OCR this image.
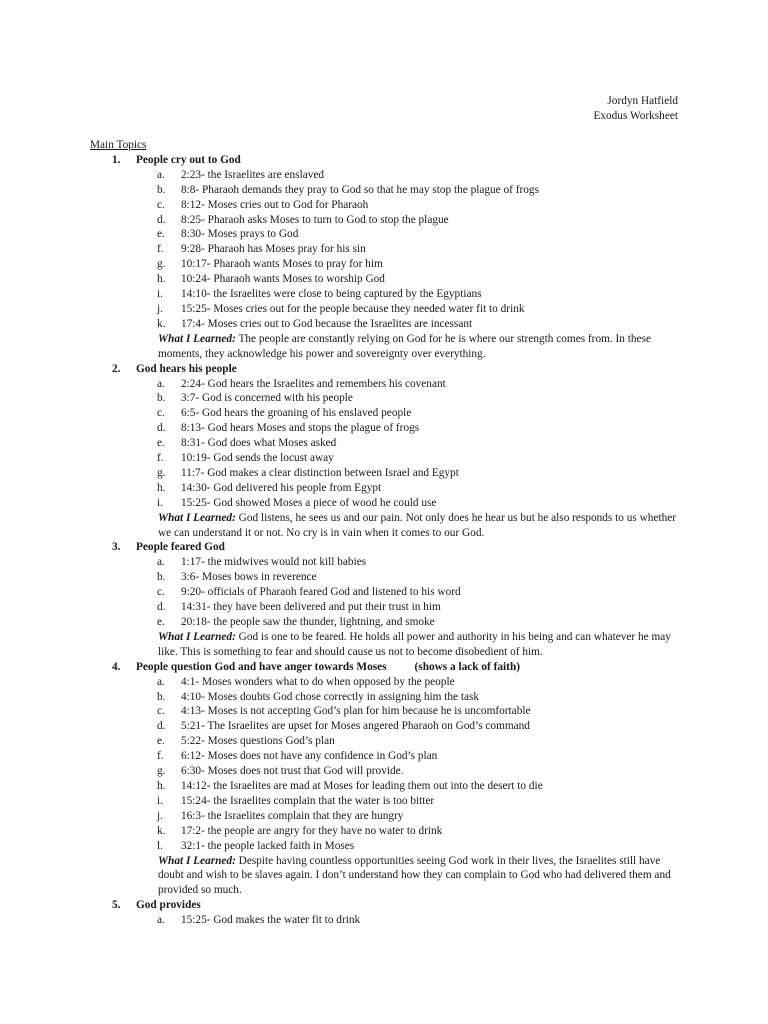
Jordyn Hatfield
Exodus Worksheet
Main Topics
1. People cry out to God
a. 2:23- the Israelites are enslaved
b. 8:8- Pharaoh demands they pray to God so that he may stop the plague of frogs
c. 8:12- Moses cries out to God for Pharaoh
d. 8:25- Pharaoh asks Moses to turn to God to stop the plague
e. 8:30- Moses prays to God
f. 9:28- Pharaoh has Moses pray for his sin
g. 10:17- Pharaoh wants Moses to pray for him
h. 10:24- Pharaoh wants Moses to worship God
i. 14:10- the Israelites were close to being captured by the Egyptians
j. 15:25- Moses cries out for the people because they needed water fit to drink
k. 17:4- Moses cries out to God because the Israelites are incessant
What I Learned: The people are constantly relying on God for he is where our strength comes from. In these moments, they acknowledge his power and sovereignty over everything.
2. God hears his people
a. 2:24- God hears the Israelites and remembers his covenant
b. 3:7- God is concerned with his people
c. 6:5- God hears the groaning of his enslaved people
d. 8:13- God hears Moses and stops the plague of frogs
e. 8:31- God does what Moses asked
f. 10:19- God sends the locust away
g. 11:7- God makes a clear distinction between Israel and Egypt
h. 14:30- God delivered his people from Egypt
i. 15:25- God showed Moses a piece of wood he could use
What I Learned: God listens, he sees us and our pain. Not only does he hear us but he also responds to us whether we can understand it or not. No cry is in vain when it comes to our God.
3. People feared God
a. 1:17- the midwives would not kill babies
b. 3:6- Moses bows in reverence
c. 9:20- officials of Pharaoh feared God and listened to his word
d. 14:31- they have been delivered and put their trust in him
e. 20:18- the people saw the thunder, lightning, and smoke
What I Learned: God is one to be feared. He holds all power and authority in his being and can whatever he may like. This is something to fear and should cause us not to become disobedient of him.
4. People question God and have anger towards Moses (shows a lack of faith)
a. 4:1- Moses wonders what to do when opposed by the people
b. 4:10- Moses doubts God chose correctly in assigning him the task
c. 4:13- Moses is not accepting God’s plan for him because he is uncomfortable
d. 5:21- The Israelites are upset for Moses angered Pharaoh on God’s command
e. 5:22- Moses questions God’s plan
f. 6:12- Moses does not have any confidence in God’s plan
g. 6:30- Moses does not trust that God will provide.
h. 14:12- the Israelites are mad at Moses for leading them out into the desert to die
i. 15:24- the Israelites complain that the water is too bitter
j. 16:3- the Israelites complain that they are hungry
k. 17:2- the people are angry for they have no water to drink
l. 32:1- the people lacked faith in Moses
What I Learned: Despite having countless opportunities seeing God work in their lives, the Israelites still have doubt and wish to be slaves again. I don’t understand how they can complain to God who had delivered them and provided so much.
5. God provides
a. 15:25- God makes the water fit to drink
